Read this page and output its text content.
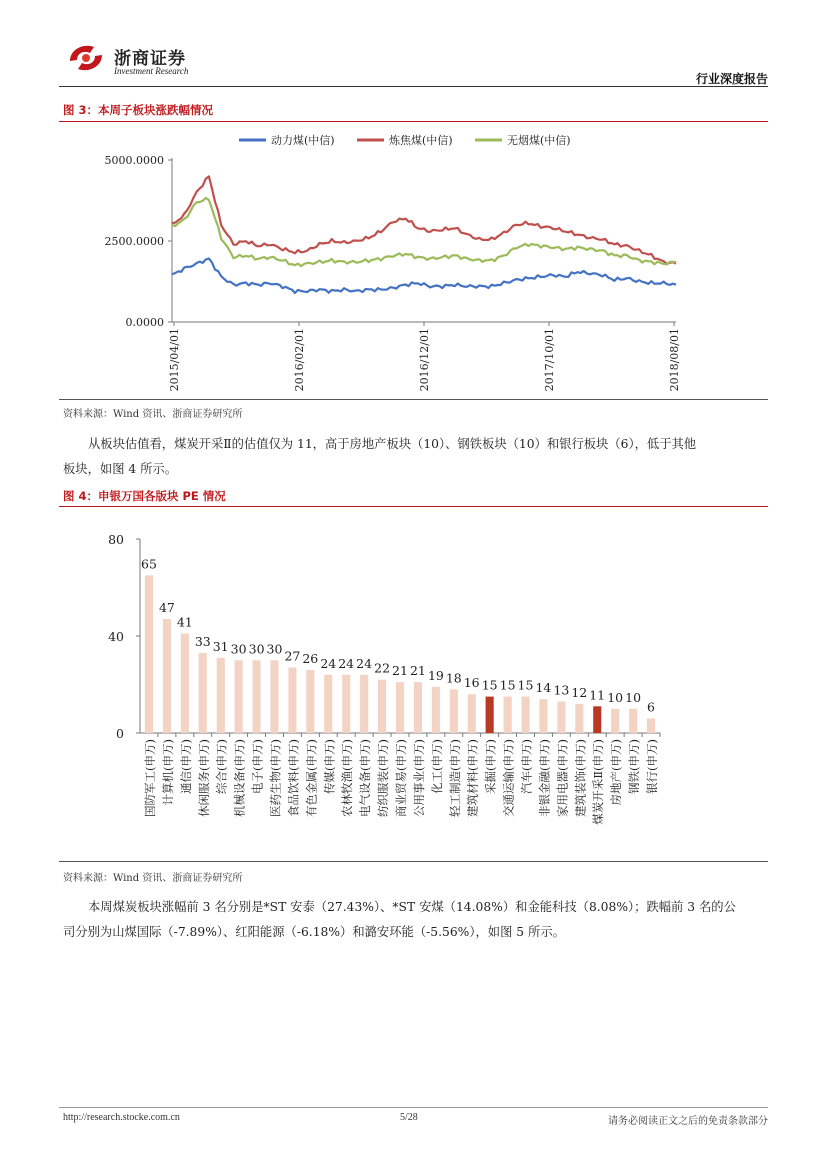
浙商证券
Investment Research
行业深度报告
图 3：本周子板块涨跌幅情况
动力煤(中信)	炼焦煤(中信)	无烟煤(中信)
0.0000
2500.0000
5000.0000
2015/04/01	2016/02/01	2016/12/01	2017/10/01	2018/08/01
资料来源：Wind 资讯、浙商证券研究所
从板块估值看，煤炭开采Ⅱ的估值仅为 11，高于房地产板块（10）、钢铁板块（10）和银行板块（6），低于其他
板块，如图 4 所示。
图 4：申银万国各版块 PE 情况
0
40
80
65
国防军工(申万)
47
计算机(申万)
41
通信(申万)
33
休闲服务(申万)
31
综合(申万)
30
机械设备(申万)
30
电子(申万)
30
医药生物(申万)
27
食品饮料(申万)
26
有色金属(申万)
24
传媒(申万)
24
农林牧渔(申万)
24
电气设备(申万)
22
纺织服装(申万)
21
商业贸易(申万)
21
公用事业(申万)
19
化工(申万)
18
轻工制造(申万)
16
建筑材料(申万)
15
采掘(申万)
15
交通运输(申万)
15
汽车(申万)
14
非银金融(申万)
13
家用电器(申万)
12
建筑装饰(申万)
11
煤炭开采Ⅱ(申万)
10
房地产(申万)
10
钢铁(申万)
6
银行(申万)
资料来源：Wind 资讯、浙商证券研究所
本周煤炭板块涨幅前 3 名分别是*ST 安泰（27.43%）、*ST 安煤（14.08%）和金能科技（8.08%）；跌幅前 3 名的公
司分别为山煤国际（-7.89%）、红阳能源（-6.18%）和潞安环能（-5.56%），如图 5 所示。
http://research.stocke.com.cn	5/28	请务必阅读正文之后的免责条款部分
